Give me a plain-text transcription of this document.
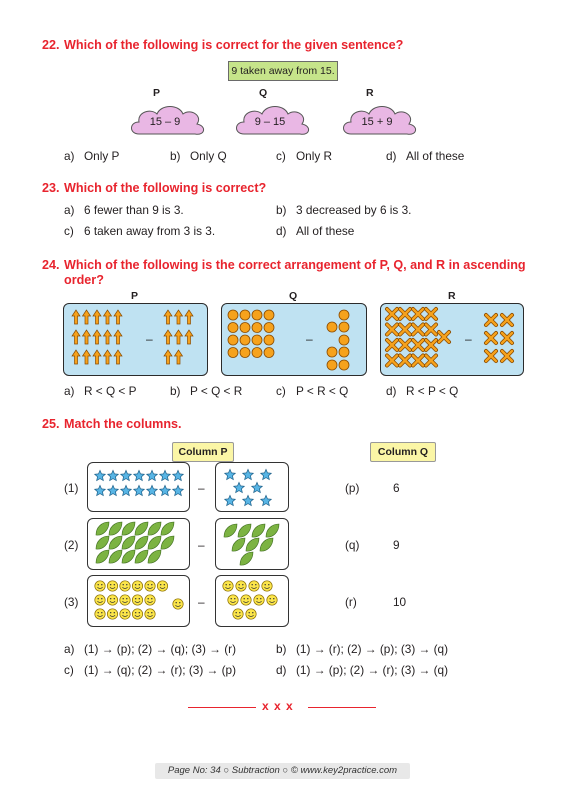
22. Which of the following is correct for the given sentence?
9 taken away from 15.
P	Q	R
15 – 9	9 – 15	15 + 9
a) Only P	b) Only Q	c) Only R	d) All of these
23. Which of the following is correct?
a) 6 fewer than 9 is 3.	b) 3 decreased by 6 is 3.
c) 6 taken away from 3 is 3.	d) All of these
24. Which of the following is the correct arrangement of P, Q, and R in ascending
order?
P	Q	R
–	–	–
a) R < Q < P	b) P < Q < R	c) P < R < Q	d) R < P < Q
25. Match the columns.
Column P	Column Q
(1)	–	(p)	6
(2)	–	(q)	9
(3)	–	(r)	10
a) (1) → (p); (2) → (q); (3) → (r)	b) (1) → (r); (2) → (p); (3) → (q)
c) (1) → (q); (2) → (r); (3) → (p)	d) (1) → (p); (2) → (r); (3) → (q)
x x x
Page No: 34 ○ Subtraction ○ © www.key2practice.com
